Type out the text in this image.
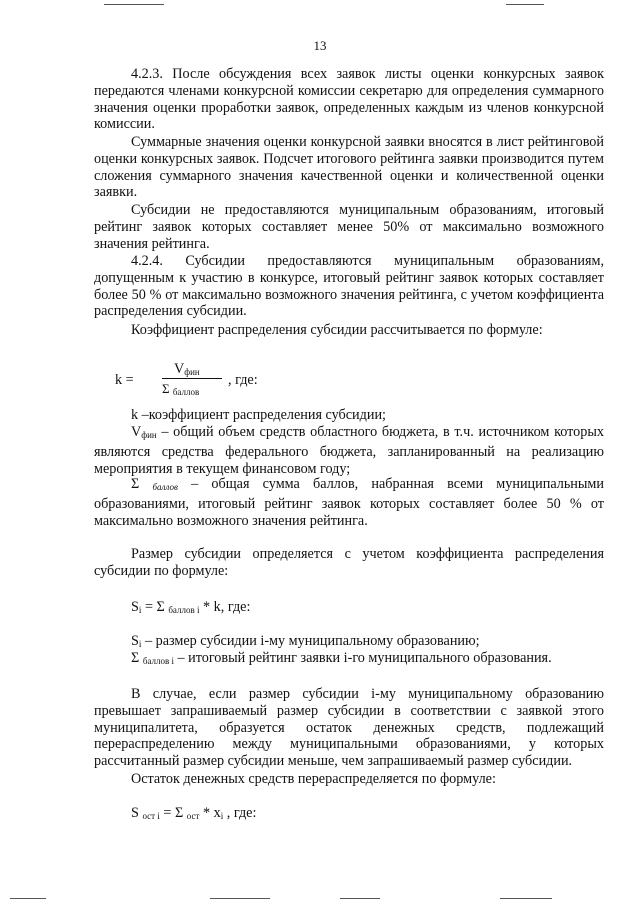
13

4.2.3. После обсуждения всех заявок листы оценки конкурсных заявок передаются членами конкурсной комиссии секретарю для определения суммарного значения оценки проработки заявок, определенных каждым из членов конкурсной комиссии.

Суммарные значения оценки конкурсной заявки вносятся в лист рейтинговой оценки конкурсных заявок. Подсчет итогового рейтинга заявки производится путем сложения суммарного значения качественной оценки и количественной оценки заявки.

Субсидии не предоставляются муниципальным образованиям, итоговый рейтинг заявок которых составляет менее 50% от максимально возможного значения рейтинга.

4.2.4. Субсидии предоставляются муниципальным образованиям, допущенным к участию в конкурсе, итоговый рейтинг заявок которых составляет более 50 % от максимально возможного значения рейтинга, с учетом коэффициента распределения субсидии.

Коэффициент распределения субсидии рассчитывается по формуле:

k =
$V_{фин}$
Σ $_{баллов}$
, где:

k –коэффициент распределения субсидии;

$V_{фин}$ – общий объем средств областного бюджета, в т.ч. источником которых являются средства федерального бюджета, запланированный на реализацию мероприятия в текущем финансовом году;

Σ $_{баллов}$ – общая сумма баллов, набранная всеми муниципальными образованиями, итоговый рейтинг заявок которых составляет более 50 % от максимально возможного значения рейтинга.

Размер субсидии определяется с учетом коэффициента распределения субсидии по формуле:

$S_i = \Sigma$ $_{баллов i}$ * k, где:
$S_i$ – размер субсидии i-му муниципальному образованию;
Σ $_{баллов i}$ – итоговый рейтинг заявки i-го муниципального образования.

В случае, если размер субсидии i-му муниципальному образованию превышает запрашиваемый размер субсидии в соответствии с заявкой этого муниципалитета, образуется остаток денежных средств, подлежащий перераспределению между муниципальными образованиями, у которых рассчитанный размер субсидии меньше, чем запрашиваемый размер субсидии.

Остаток денежных средств перераспределяется по формуле:

S $_{ост i}$ = Σ $_{ост} * x_i$ , где:
